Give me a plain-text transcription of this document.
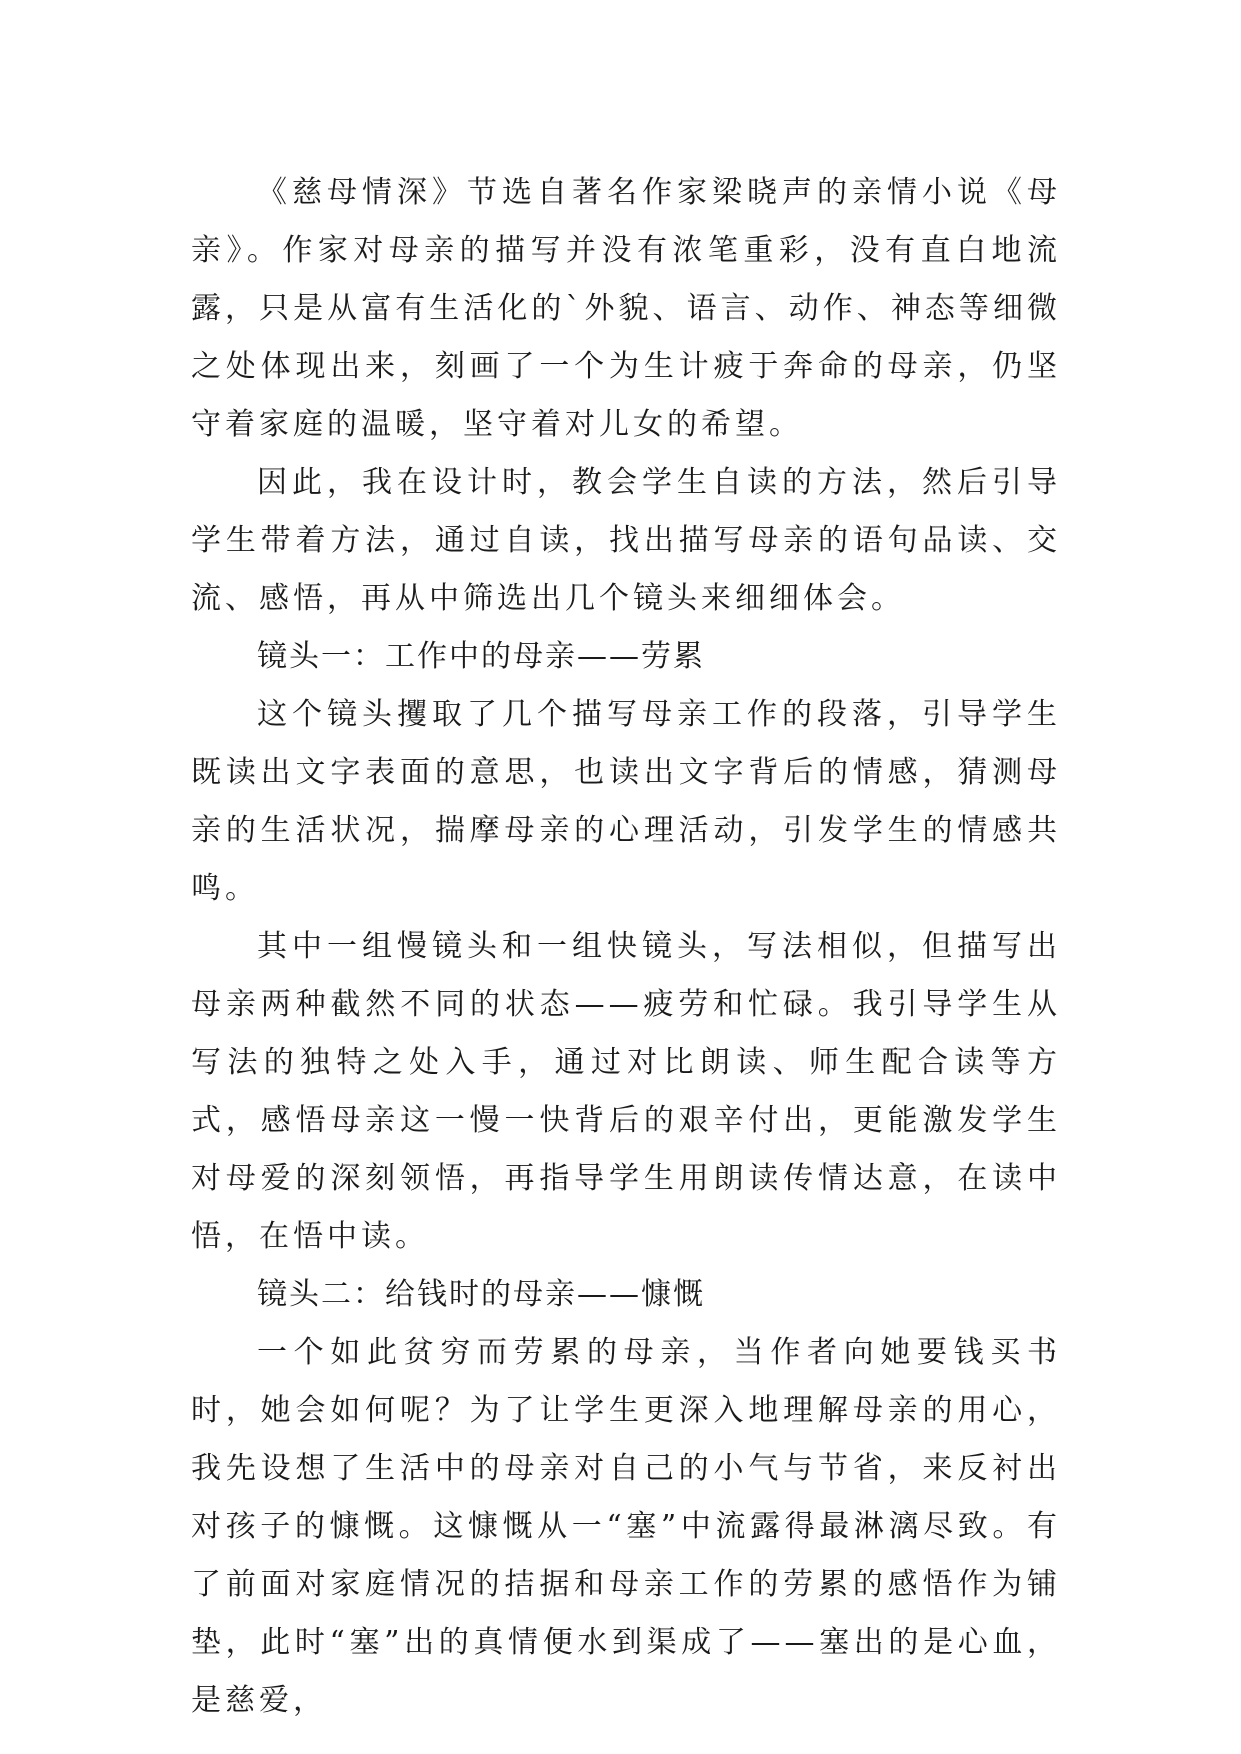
《慈母情深》节选自著名作家梁晓声的亲情小说《母亲》。作家对母亲的描写并没有浓笔重彩，没有直白地流露，只是从富有生活化的`外貌、语言、动作、神态等细微之处体现出来，刻画了一个为生计疲于奔命的母亲，仍坚守着家庭的温暖，坚守着对儿女的希望。

因此，我在设计时，教会学生自读的方法，然后引导学生带着方法，通过自读，找出描写母亲的语句品读、交流、感悟，再从中筛选出几个镜头来细细体会。

镜头一：工作中的母亲——劳累

这个镜头攫取了几个描写母亲工作的段落，引导学生既读出文字表面的意思，也读出文字背后的情感，猜测母亲的生活状况，揣摩母亲的心理活动，引发学生的情感共鸣。

其中一组慢镜头和一组快镜头，写法相似，但描写出母亲两种截然不同的状态——疲劳和忙碌。我引导学生从写法的独特之处入手，通过对比朗读、师生配合读等方式，感悟母亲这一慢一快背后的艰辛付出，更能激发学生对母爱的深刻领悟，再指导学生用朗读传情达意，在读中悟，在悟中读。

镜头二：给钱时的母亲——慷慨

一个如此贫穷而劳累的母亲，当作者向她要钱买书时，她会如何呢？为了让学生更深入地理解母亲的用心，我先设想了生活中的母亲对自己的小气与节省，来反衬出对孩子的慷慨。这慷慨从一“塞”中流露得最淋漓尽致。有了前面对家庭情况的拮据和母亲工作的劳累的感悟作为铺垫，此时“塞”出的真情便水到渠成了——塞出的是心血，是慈爱，
